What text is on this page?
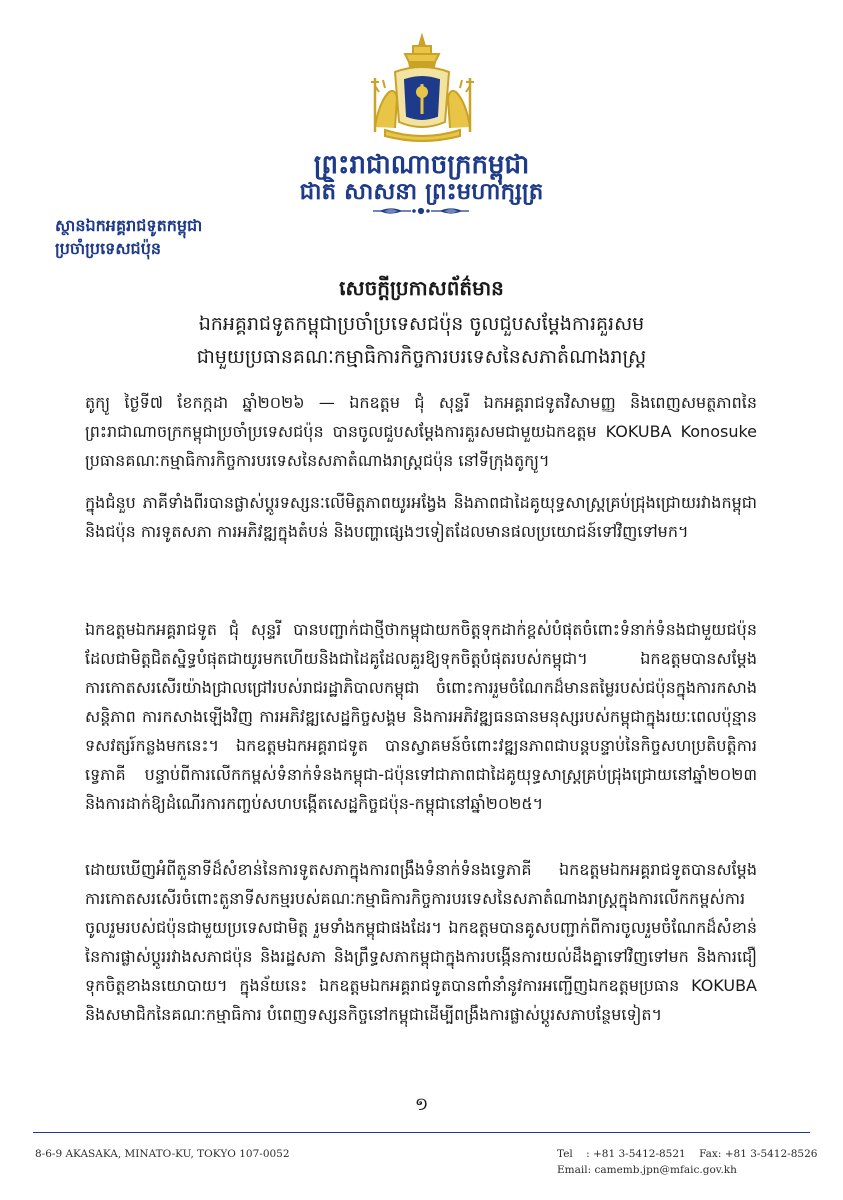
ព្រះរាជាណាចក្រកម្ពុជា
ជាតិ សាសនា ព្រះមហាក្សត្រ
ស្ថានឯកអគ្គរាជទូតកម្ពុជា
ប្រចាំប្រទេសជប៉ុន
សេចក្តីប្រកាសព័ត៌មាន
ឯកអគ្គរាជទូតកម្ពុជាប្រចាំប្រទេសជប៉ុន ចូលជួបសម្តែងការគួរសម
ជាមួយប្រធានគណៈកម្មាធិការកិច្ចការបរទេសនៃសភាតំណាងរាស្ត្រ

តូក្យូ ថ្ងៃទី៧ ខែកក្កដា ឆ្នាំ២០២៦ — ឯកឧត្តម ជុំ សុន្ទរី ឯកអគ្គរាជទូតវិសាមញ្ញ និងពេញសមត្ថភាពនៃព្រះរាជាណាចក្រកម្ពុជាប្រចាំប្រទេសជប៉ុន បានចូលជួបសម្តែងការគួរសមជាមួយឯកឧត្តម KOKUBA Konosuke ប្រធានគណៈកម្មាធិការកិច្ចការបរទេសនៃសភាតំណាងរាស្ត្រជប៉ុន នៅទីក្រុងតូក្យូ។

ក្នុងជំនួប ភាគីទាំងពីរបានផ្លាស់ប្តូរទស្សនៈលើមិត្តភាពយូរអង្វែង និងភាពជាដៃគូយុទ្ធសាស្ត្រគ្រប់ជ្រុងជ្រោយរវាងកម្ពុជានិងជប៉ុន ការទូតសភា ការអភិវឌ្ឍក្នុងតំបន់ និងបញ្ហាផ្សេងៗទៀតដែលមានផលប្រយោជន៍ទៅវិញទៅមក។

ឯកឧត្តមឯកអគ្គរាជទូត ជុំ សុន្ទរី បានបញ្ជាក់ជាថ្មីថាកម្ពុជាយកចិត្តទុកដាក់ខ្ពស់បំផុតចំពោះទំនាក់ទំនងជាមួយជប៉ុន ដែលជាមិត្តជិតស្និទ្ធបំផុតជាយូរមកហើយនិងជាដៃគូដែលគួរឱ្យទុកចិត្តបំផុតរបស់កម្ពុជា។ ឯកឧត្តមបានសម្តែងការកោតសរសើរយ៉ាងជ្រាលជ្រៅរបស់រាជរដ្ឋាភិបាលកម្ពុជា ចំពោះការរួមចំណែកដ៏មានតម្លៃរបស់ជប៉ុនក្នុងការកសាងសន្តិភាព ការកសាងឡើងវិញ ការអភិវឌ្ឍសេដ្ឋកិច្ចសង្គម និងការអភិវឌ្ឍធនធានមនុស្សរបស់កម្ពុជាក្នុងរយៈពេលប៉ុន្មានទសវត្សរ៍កន្លងមកនេះ។ ឯកឧត្តមឯកអគ្គរាជទូត បានស្វាគមន៍ចំពោះវឌ្ឍនភាពជាបន្តបន្ទាប់នៃកិច្ចសហប្រតិបត្តិការទ្វេភាគី បន្ទាប់ពីការលើកកម្ពស់ទំនាក់ទំនងកម្ពុជា-ជប៉ុនទៅជាភាពជាដៃគូយុទ្ធសាស្ត្រគ្រប់ជ្រុងជ្រោយនៅឆ្នាំ២០២៣ និងការដាក់ឱ្យដំណើរការកញ្ចប់សហបង្កើតសេដ្ឋកិច្ចជប៉ុន-កម្ពុជានៅឆ្នាំ២០២៥។

ដោយឃើញអំពីតួនាទីដ៏សំខាន់នៃការទូតសភាក្នុងការពង្រឹងទំនាក់ទំនងទ្វេភាគី ឯកឧត្តមឯកអគ្គរាជទូតបានសម្តែងការកោតសរសើរចំពោះតួនាទីសកម្មរបស់គណៈកម្មាធិការកិច្ចការបរទេសនៃសភាតំណាងរាស្ត្រក្នុងការលើកកម្ពស់ការចូលរួមរបស់ជប៉ុនជាមួយប្រទេសជាមិត្ត រួមទាំងកម្ពុជាផងដែរ។ ឯកឧត្តមបានគូសបញ្ជាក់ពីការចូលរួមចំណែកដ៏សំខាន់នៃការផ្លាស់ប្តូររវាងសភាជប៉ុន និងរដ្ឋសភា និងព្រឹទ្ធសភាកម្ពុជាក្នុងការបង្កើនការយល់ដឹងគ្នាទៅវិញទៅមក និងការជឿទុកចិត្តខាងនយោបាយ។ ក្នុងន័យនេះ ឯកឧត្តមឯកអគ្គរាជទូតបានពាំនាំនូវការអញ្ជើញឯកឧត្តមប្រធាន KOKUBA និងសមាជិកនៃគណៈកម្មាធិការ បំពេញទស្សនកិច្ចនៅកម្ពុជាដើម្បីពង្រឹងការផ្លាស់ប្តូរសភាបន្ថែមទៀត។

១
8-6-9 AKASAKA, MINATO-KU, TOKYO 107-0052	Tel : +81 3-5412-8521 Fax: +81 3-5412-8526
Email: camemb.jpn@mfaic.gov.kh
